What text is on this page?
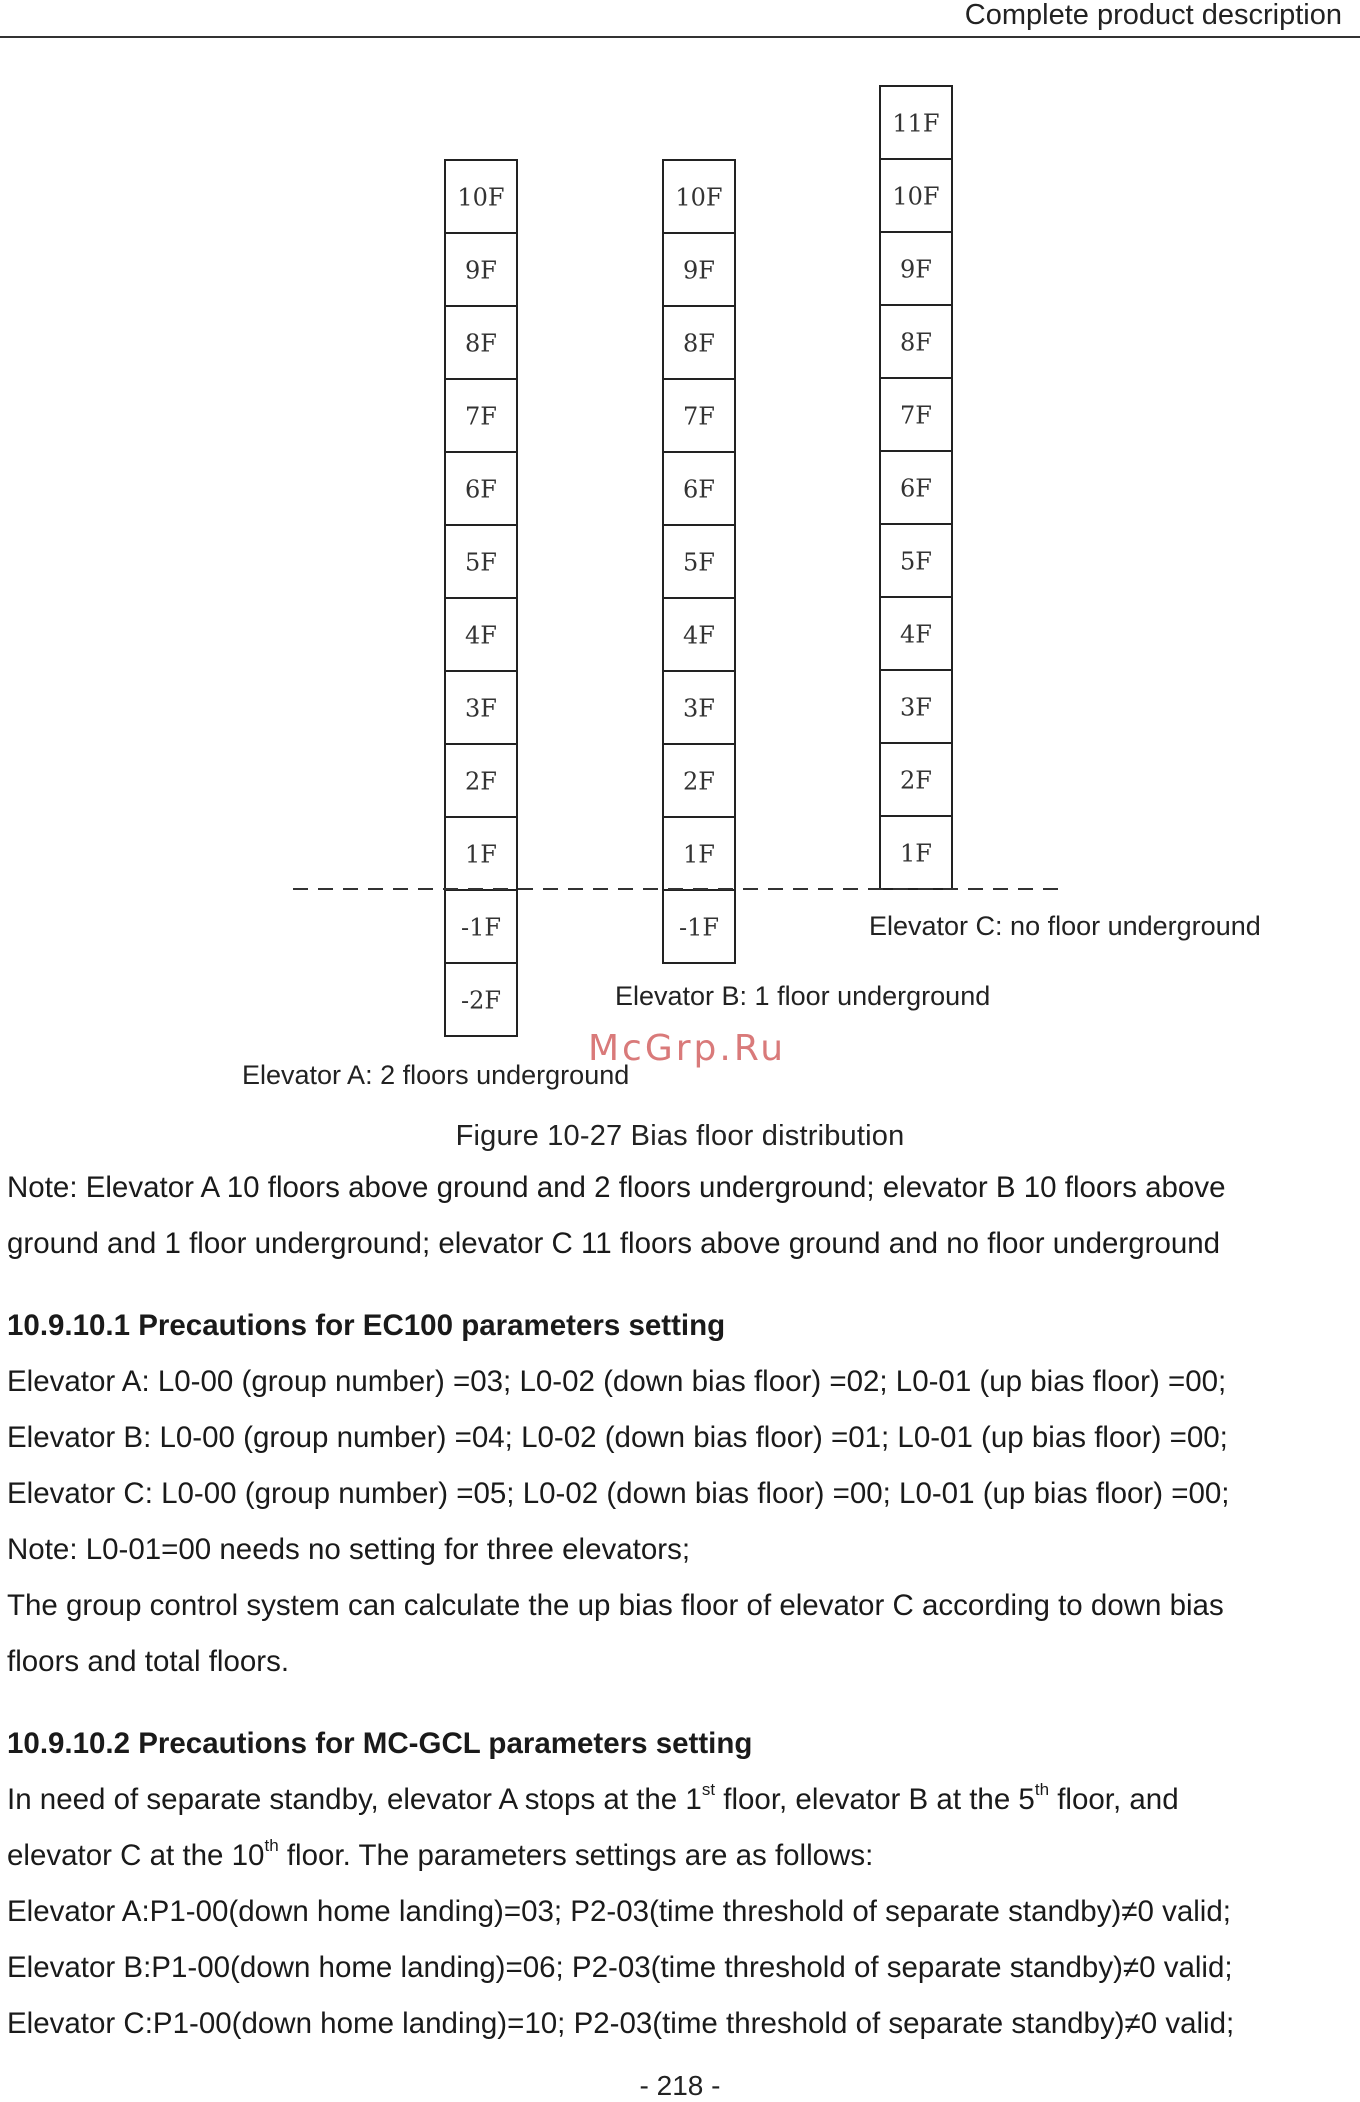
Complete product description
10F
9F
8F
7F
6F
5F
4F
3F
2F
1F
-1F
-2F
10F
9F
8F
7F
6F
5F
4F
3F
2F
1F
-1F
11F
10F
9F
8F
7F
6F
5F
4F
3F
2F
1F
Elevator C: no floor underground
Elevator B: 1 floor underground
Elevator A: 2 floors underground
McGrp.Ru
Figure 10-27 Bias floor distribution
Note: Elevator A 10 floors above ground and 2 floors underground; elevator B 10 floors above
ground and 1 floor underground; elevator C 11 floors above ground and no floor underground
10.9.10.1 Precautions for EC100 parameters setting
Elevator A: L0-00 (group number) =03; L0-02 (down bias floor) =02; L0-01 (up bias floor) =00;
Elevator B: L0-00 (group number) =04; L0-02 (down bias floor) =01; L0-01 (up bias floor) =00;
Elevator C: L0-00 (group number) =05; L0-02 (down bias floor) =00; L0-01 (up bias floor) =00;
Note: L0-01=00 needs no setting for three elevators;
The group control system can calculate the up bias floor of elevator C according to down bias
floors and total floors.
10.9.10.2 Precautions for MC-GCL parameters setting
In need of separate standby, elevator A stops at the 1st floor, elevator B at the 5th floor, and
elevator C at the 10th floor. The parameters settings are as follows:
Elevator A:P1-00(down home landing)=03; P2-03(time threshold of separate standby)≠0 valid;
Elevator B:P1-00(down home landing)=06; P2-03(time threshold of separate standby)≠0 valid;
Elevator C:P1-00(down home landing)=10; P2-03(time threshold of separate standby)≠0 valid;
- 218 -
